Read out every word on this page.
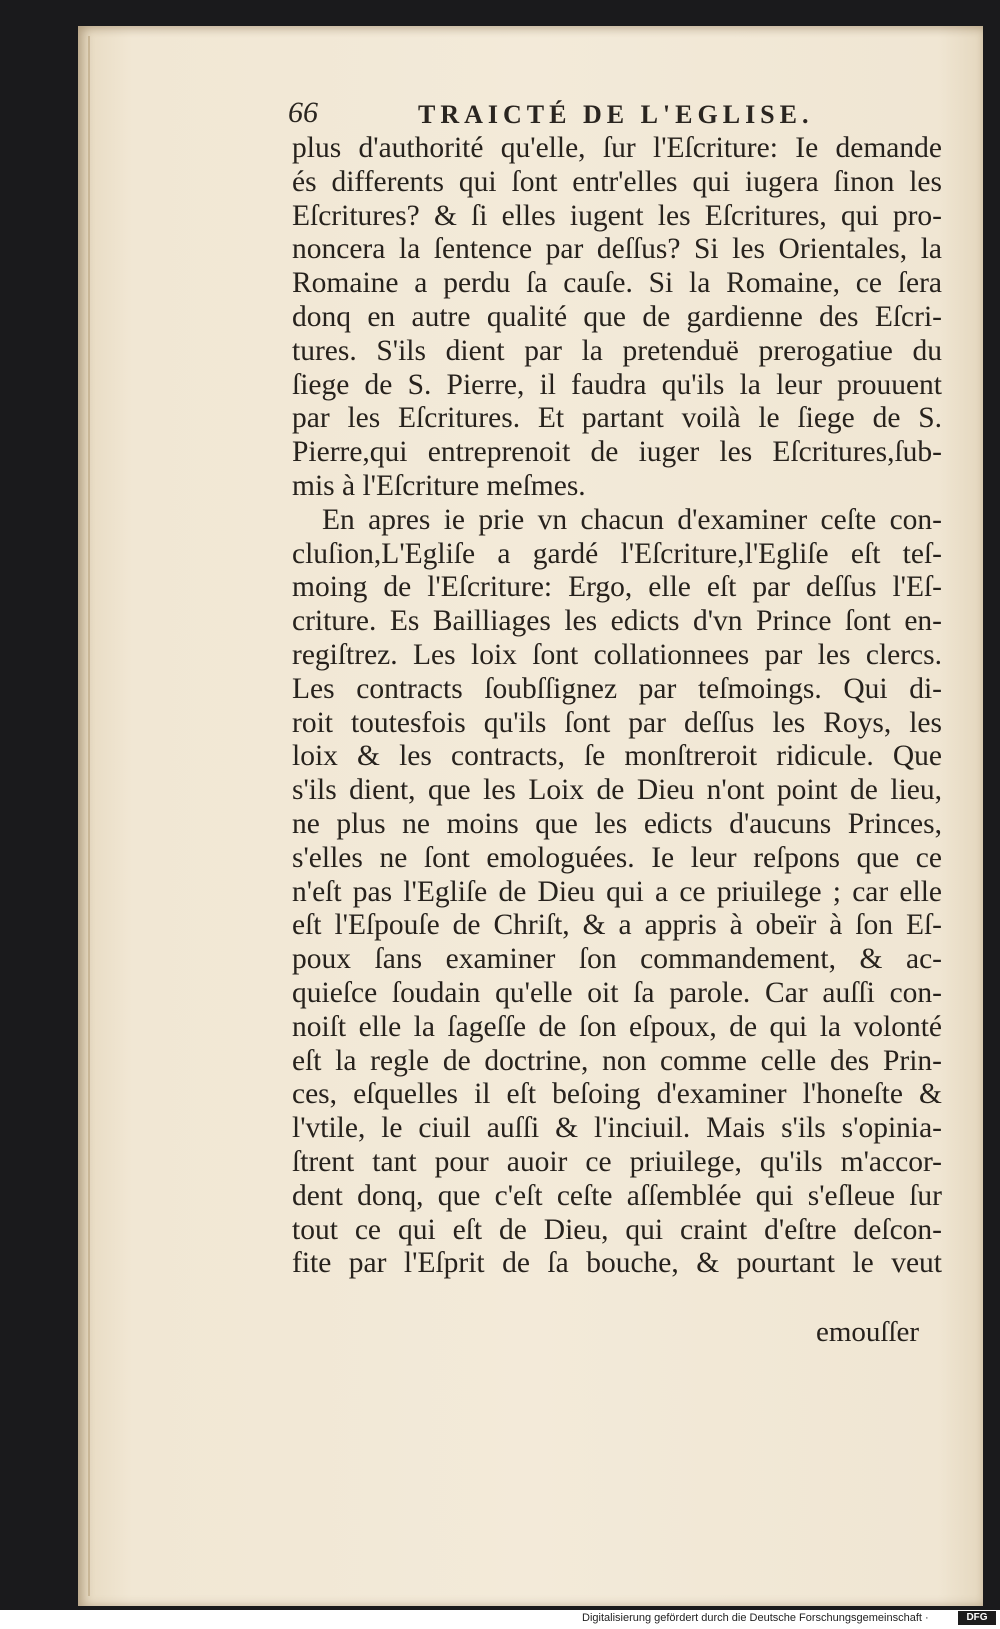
66	TRAICTÉ DE L'EGLISE.
plus d'authorité qu'elle, ſur l'Eſcriture: Ie demande
és differents qui ſont entr'elles qui iugera ſinon les
Eſcritures? & ſi elles iugent les Eſcritures, qui pro-
noncera la ſentence par deſſus? Si les Orientales, la
Romaine a perdu ſa cauſe. Si la Romaine, ce ſera
donq en autre qualité que de gardienne des Eſcri-
tures. S'ils dient par la pretenduë prerogatiue du
ſiege de S. Pierre, il faudra qu'ils la leur prouuent
par les Eſcritures. Et partant voilà le ſiege de S.
Pierre,qui entreprenoit de iuger les Eſcritures,ſub-
mis à l'Eſcriture meſmes.
En apres ie prie vn chacun d'examiner ceſte con-
cluſion,L'Egliſe a gardé l'Eſcriture,l'Egliſe eſt teſ-
moing de l'Eſcriture: Ergo, elle eſt par deſſus l'Eſ-
criture. Es Bailliages les edicts d'vn Prince ſont en-
regiſtrez. Les loix ſont collationnees par les clercs.
Les contracts ſoubſſignez par teſmoings. Qui di-
roit toutesfois qu'ils ſont par deſſus les Roys, les
loix & les contracts, ſe monſtreroit ridicule. Que
s'ils dient, que les Loix de Dieu n'ont point de lieu,
ne plus ne moins que les edicts d'aucuns Princes,
s'elles ne ſont emologuées. Ie leur reſpons que ce
n'eſt pas l'Egliſe de Dieu qui a ce priuilege ; car elle
eſt l'Eſpouſe de Chriſt, & a appris à obeïr à ſon Eſ-
poux ſans examiner ſon commandement, & ac-
quieſce ſoudain qu'elle oit ſa parole. Car auſſi con-
noiſt elle la ſageſſe de ſon eſpoux, de qui la volonté
eſt la regle de doctrine, non comme celle des Prin-
ces, eſquelles il eſt beſoing d'examiner l'honeſte &
l'vtile, le ciuil auſſi & l'inciuil. Mais s'ils s'opinia-
ſtrent tant pour auoir ce priuilege, qu'ils m'accor-
dent donq, que c'eſt ceſte aſſemblée qui s'eſleue ſur
tout ce qui eſt de Dieu, qui craint d'eſtre deſcon-
fite par l'Eſprit de ſa bouche, & pourtant le veut
emouſſer
Digitalisierung gefördert durch die Deutsche Forschungsgemeinschaft ·	DFG
